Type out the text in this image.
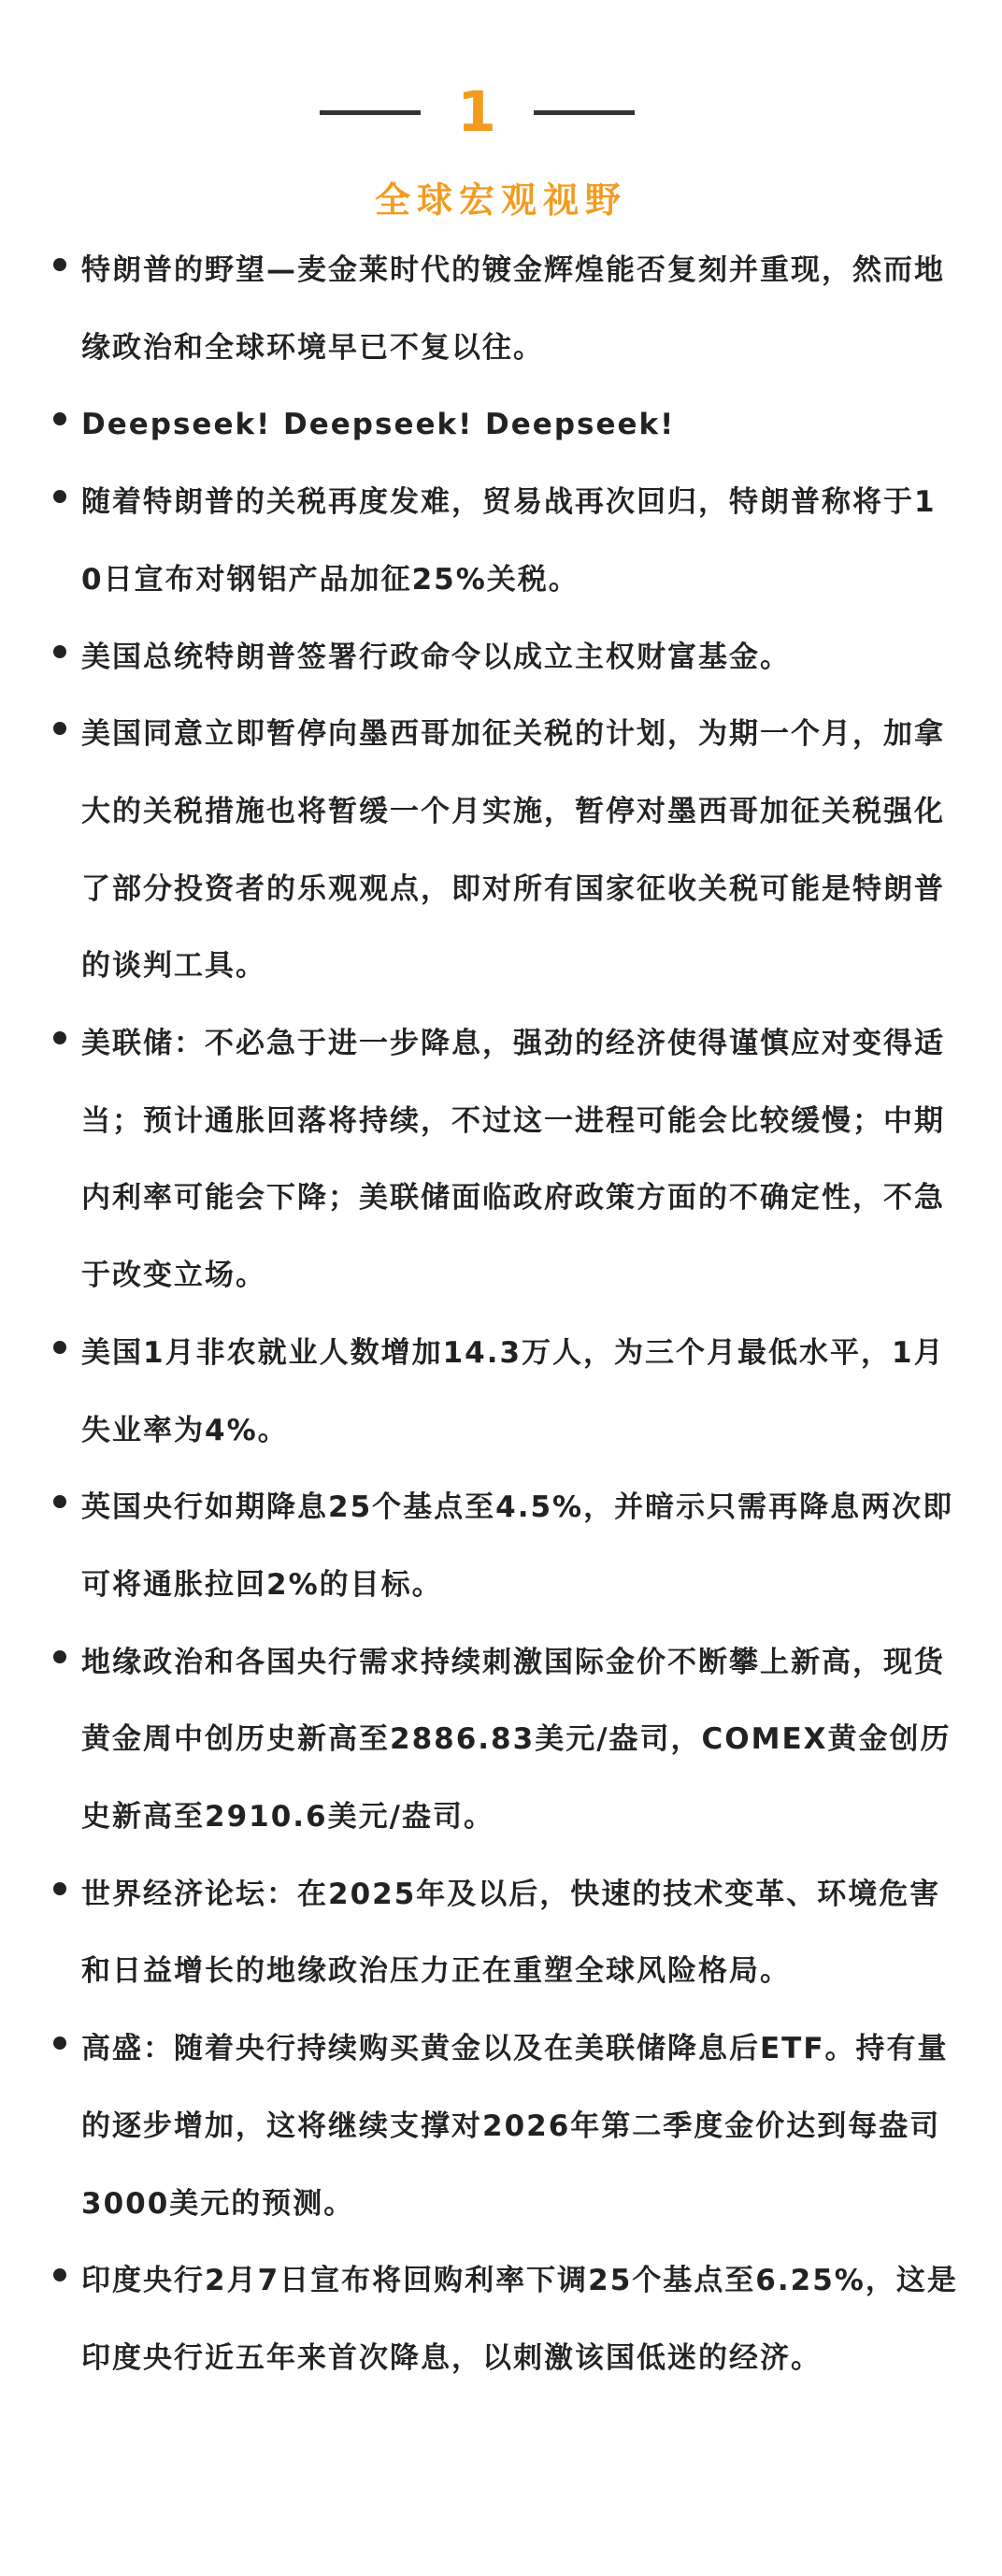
1
全球宏观视野
特朗普的野望—麦金莱时代的镀金辉煌能否复刻并重现，然而地缘政治和全球环境早已不复以往。
Deepseek! Deepseek! Deepseek!
随着特朗普的关税再度发难，贸易战再次回归，特朗普称将于10日宣布对钢铝产品加征25%关税。
美国总统特朗普签署行政命令以成立主权财富基金。
美国同意立即暂停向墨西哥加征关税的计划，为期一个月，加拿大的关税措施也将暂缓一个月实施，暂停对墨西哥加征关税强化了部分投资者的乐观观点，即对所有国家征收关税可能是特朗普的谈判工具。
美联储：不必急于进一步降息，强劲的经济使得谨慎应对变得适当；预计通胀回落将持续，不过这一进程可能会比较缓慢；中期内利率可能会下降；美联储面临政府政策方面的不确定性，不急于改变立场。
美国1月非农就业人数增加14.3万人，为三个月最低水平，1月失业率为4%。
英国央行如期降息25个基点至4.5%，并暗示只需再降息两次即可将通胀拉回2%的目标。
地缘政治和各国央行需求持续刺激国际金价不断攀上新高，现货黄金周中创历史新高至2886.83美元/盎司，COMEX黄金创历史新高至2910.6美元/盎司。
世界经济论坛：在2025年及以后，快速的技术变革、环境危害和日益增长的地缘政治压力正在重塑全球风险格局。
高盛：随着央行持续购买黄金以及在美联储降息后ETF。持有量的逐步增加，这将继续支撑对2026年第二季度金价达到每盎司3000美元的预测。
印度央行2月7日宣布将回购利率下调25个基点至6.25%，这是印度央行近五年来首次降息，以刺激该国低迷的经济。
